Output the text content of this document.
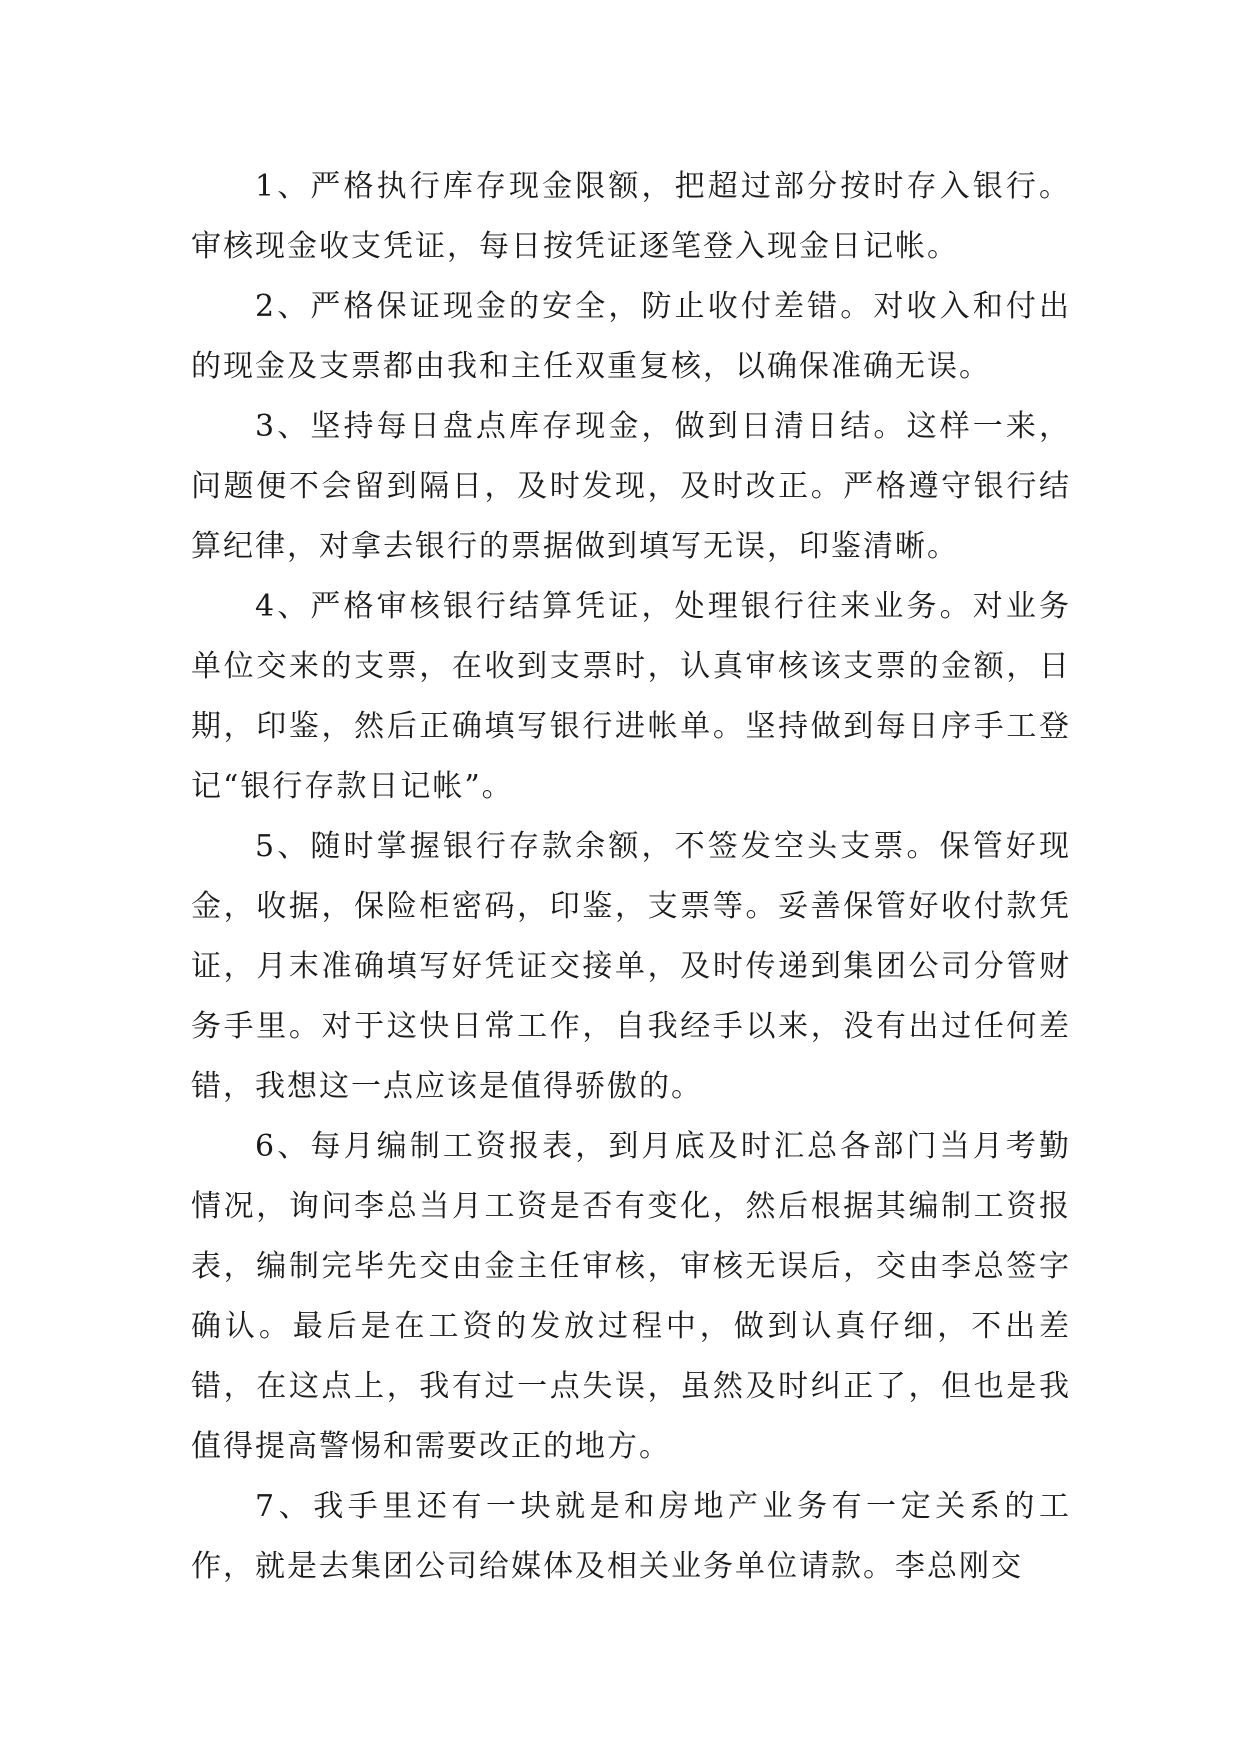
1、严格执行库存现金限额，把超过部分按时存入银行。审核现金收支凭证，每日按凭证逐笔登入现金日记帐。

2、严格保证现金的安全，防止收付差错。对收入和付出的现金及支票都由我和主任双重复核，以确保准确无误。

3、坚持每日盘点库存现金，做到日清日结。这样一来，问题便不会留到隔日，及时发现，及时改正。严格遵守银行结算纪律，对拿去银行的票据做到填写无误，印鉴清晰。

4、严格审核银行结算凭证，处理银行往来业务。对业务单位交来的支票，在收到支票时，认真审核该支票的金额，日期，印鉴，然后正确填写银行进帐单。坚持做到每日序手工登记“银行存款日记帐”。

5、随时掌握银行存款余额，不签发空头支票。保管好现金，收据，保险柜密码，印鉴，支票等。妥善保管好收付款凭证，月末准确填写好凭证交接单，及时传递到集团公司分管财务手里。对于这快日常工作，自我经手以来，没有出过任何差错，我想这一点应该是值得骄傲的。

6、每月编制工资报表，到月底及时汇总各部门当月考勤情况，询问李总当月工资是否有变化，然后根据其编制工资报表，编制完毕先交由金主任审核，审核无误后，交由李总签字确认。最后是在工资的发放过程中，做到认真仔细，不出差错，在这点上，我有过一点失误，虽然及时纠正了，但也是我值得提高警惕和需要改正的地方。

7、我手里还有一块就是和房地产业务有一定关系的工作，就是去集团公司给媒体及相关业务单位请款。李总刚交
